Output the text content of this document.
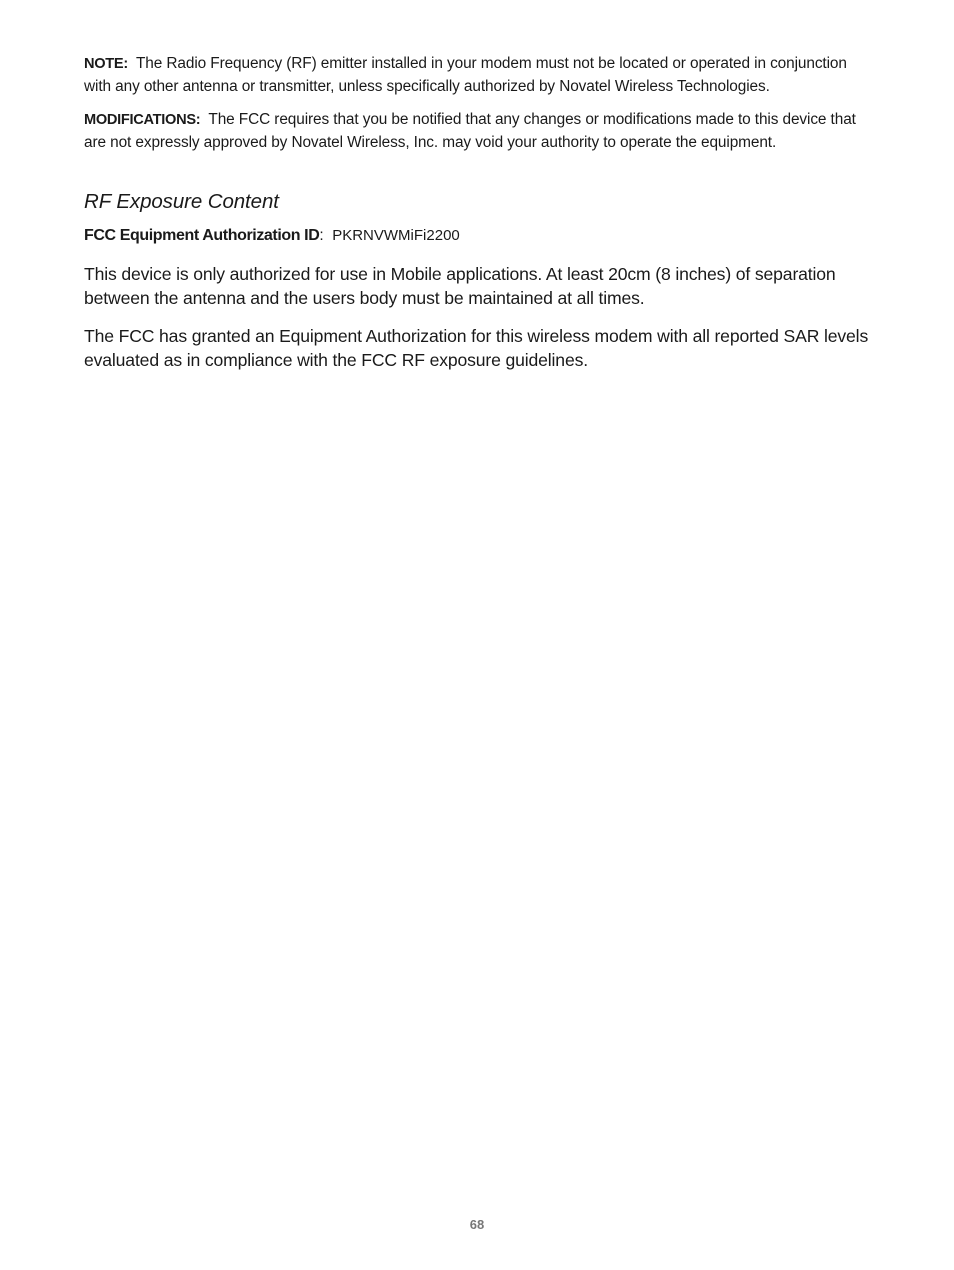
NOTE: The Radio Frequency (RF) emitter installed in your modem must not be located or operated in conjunction with any other antenna or transmitter, unless specifically authorized by Novatel Wireless Technologies.

MODIFICATIONS: The FCC requires that you be notified that any changes or modifications made to this device that are not expressly approved by Novatel Wireless, Inc. may void your authority to operate the equipment.

RF Exposure Content

FCC Equipment Authorization ID:  PKRNVWMiFi2200

This device is only authorized for use in Mobile applications. At least 20cm (8 inches) of separation between the antenna and the users body must be maintained at all times.

The FCC has granted an Equipment Authorization for this wireless modem with all reported SAR levels evaluated as in compliance with the FCC RF exposure guidelines.

68
